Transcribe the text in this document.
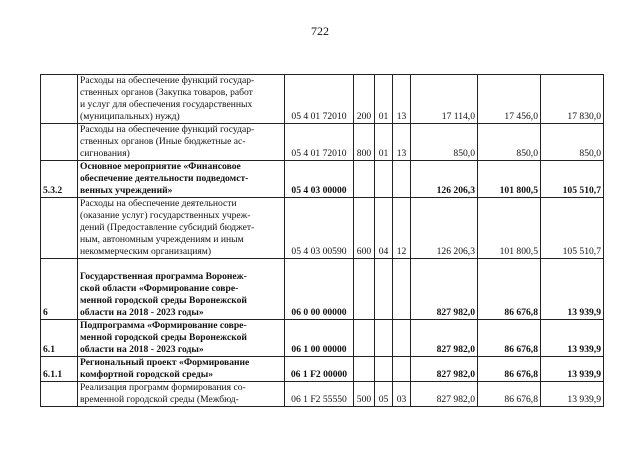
722

	Расходы на обеспечение функций государ-
ственных органов (Закупка товаров, работ
и услуг для обеспечения государственных
(муниципальных) нужд)	05 4 01 72010	200	01	13	17 114,0	17 456,0	17 830,0

	Расходы на обеспечение функций государ-
ственных органов (Иные бюджетные ас-
сигнования)	05 4 01 72010	800	01	13	850,0	850,0	850,0
5.3.2	Основное мероприятие «Финансовое
обеспечение деятельности подведомст-
венных учреждений»	05 4 03 00000				126 206,3	101 800,5	105 510,7

	Расходы на обеспечение деятельности
(оказание услуг) государственных учреж-
дений (Предоставление субсидий бюджет-
ным, автономным учреждениям и иным
некоммерческим организациям)	05 4 03 00590	600	04	12	126 206,3	101 800,5	105 510,7
6	Государственная программа Воронеж-
ской области «Формирование совре-
менной городской среды Воронежской
области на 2018 - 2023 годы»	06 0 00 00000				827 982,0	86 676,8	13 939,9
6.1	Подпрограмма «Формирование совре-
менной городской среды Воронежской
области на 2018 - 2023 годы»	06 1 00 00000				827 982,0	86 676,8	13 939,9
6.1.1	Региональный проект «Формирование
комфортной городской среды»	06 1 F2 00000				827 982,0	86 676,8	13 939,9

	Реализация программ формирования со-
временной городской среды (Межбюд-	06 1 F2 55550	500	05	03	827 982,0	86 676,8	13 939,9
